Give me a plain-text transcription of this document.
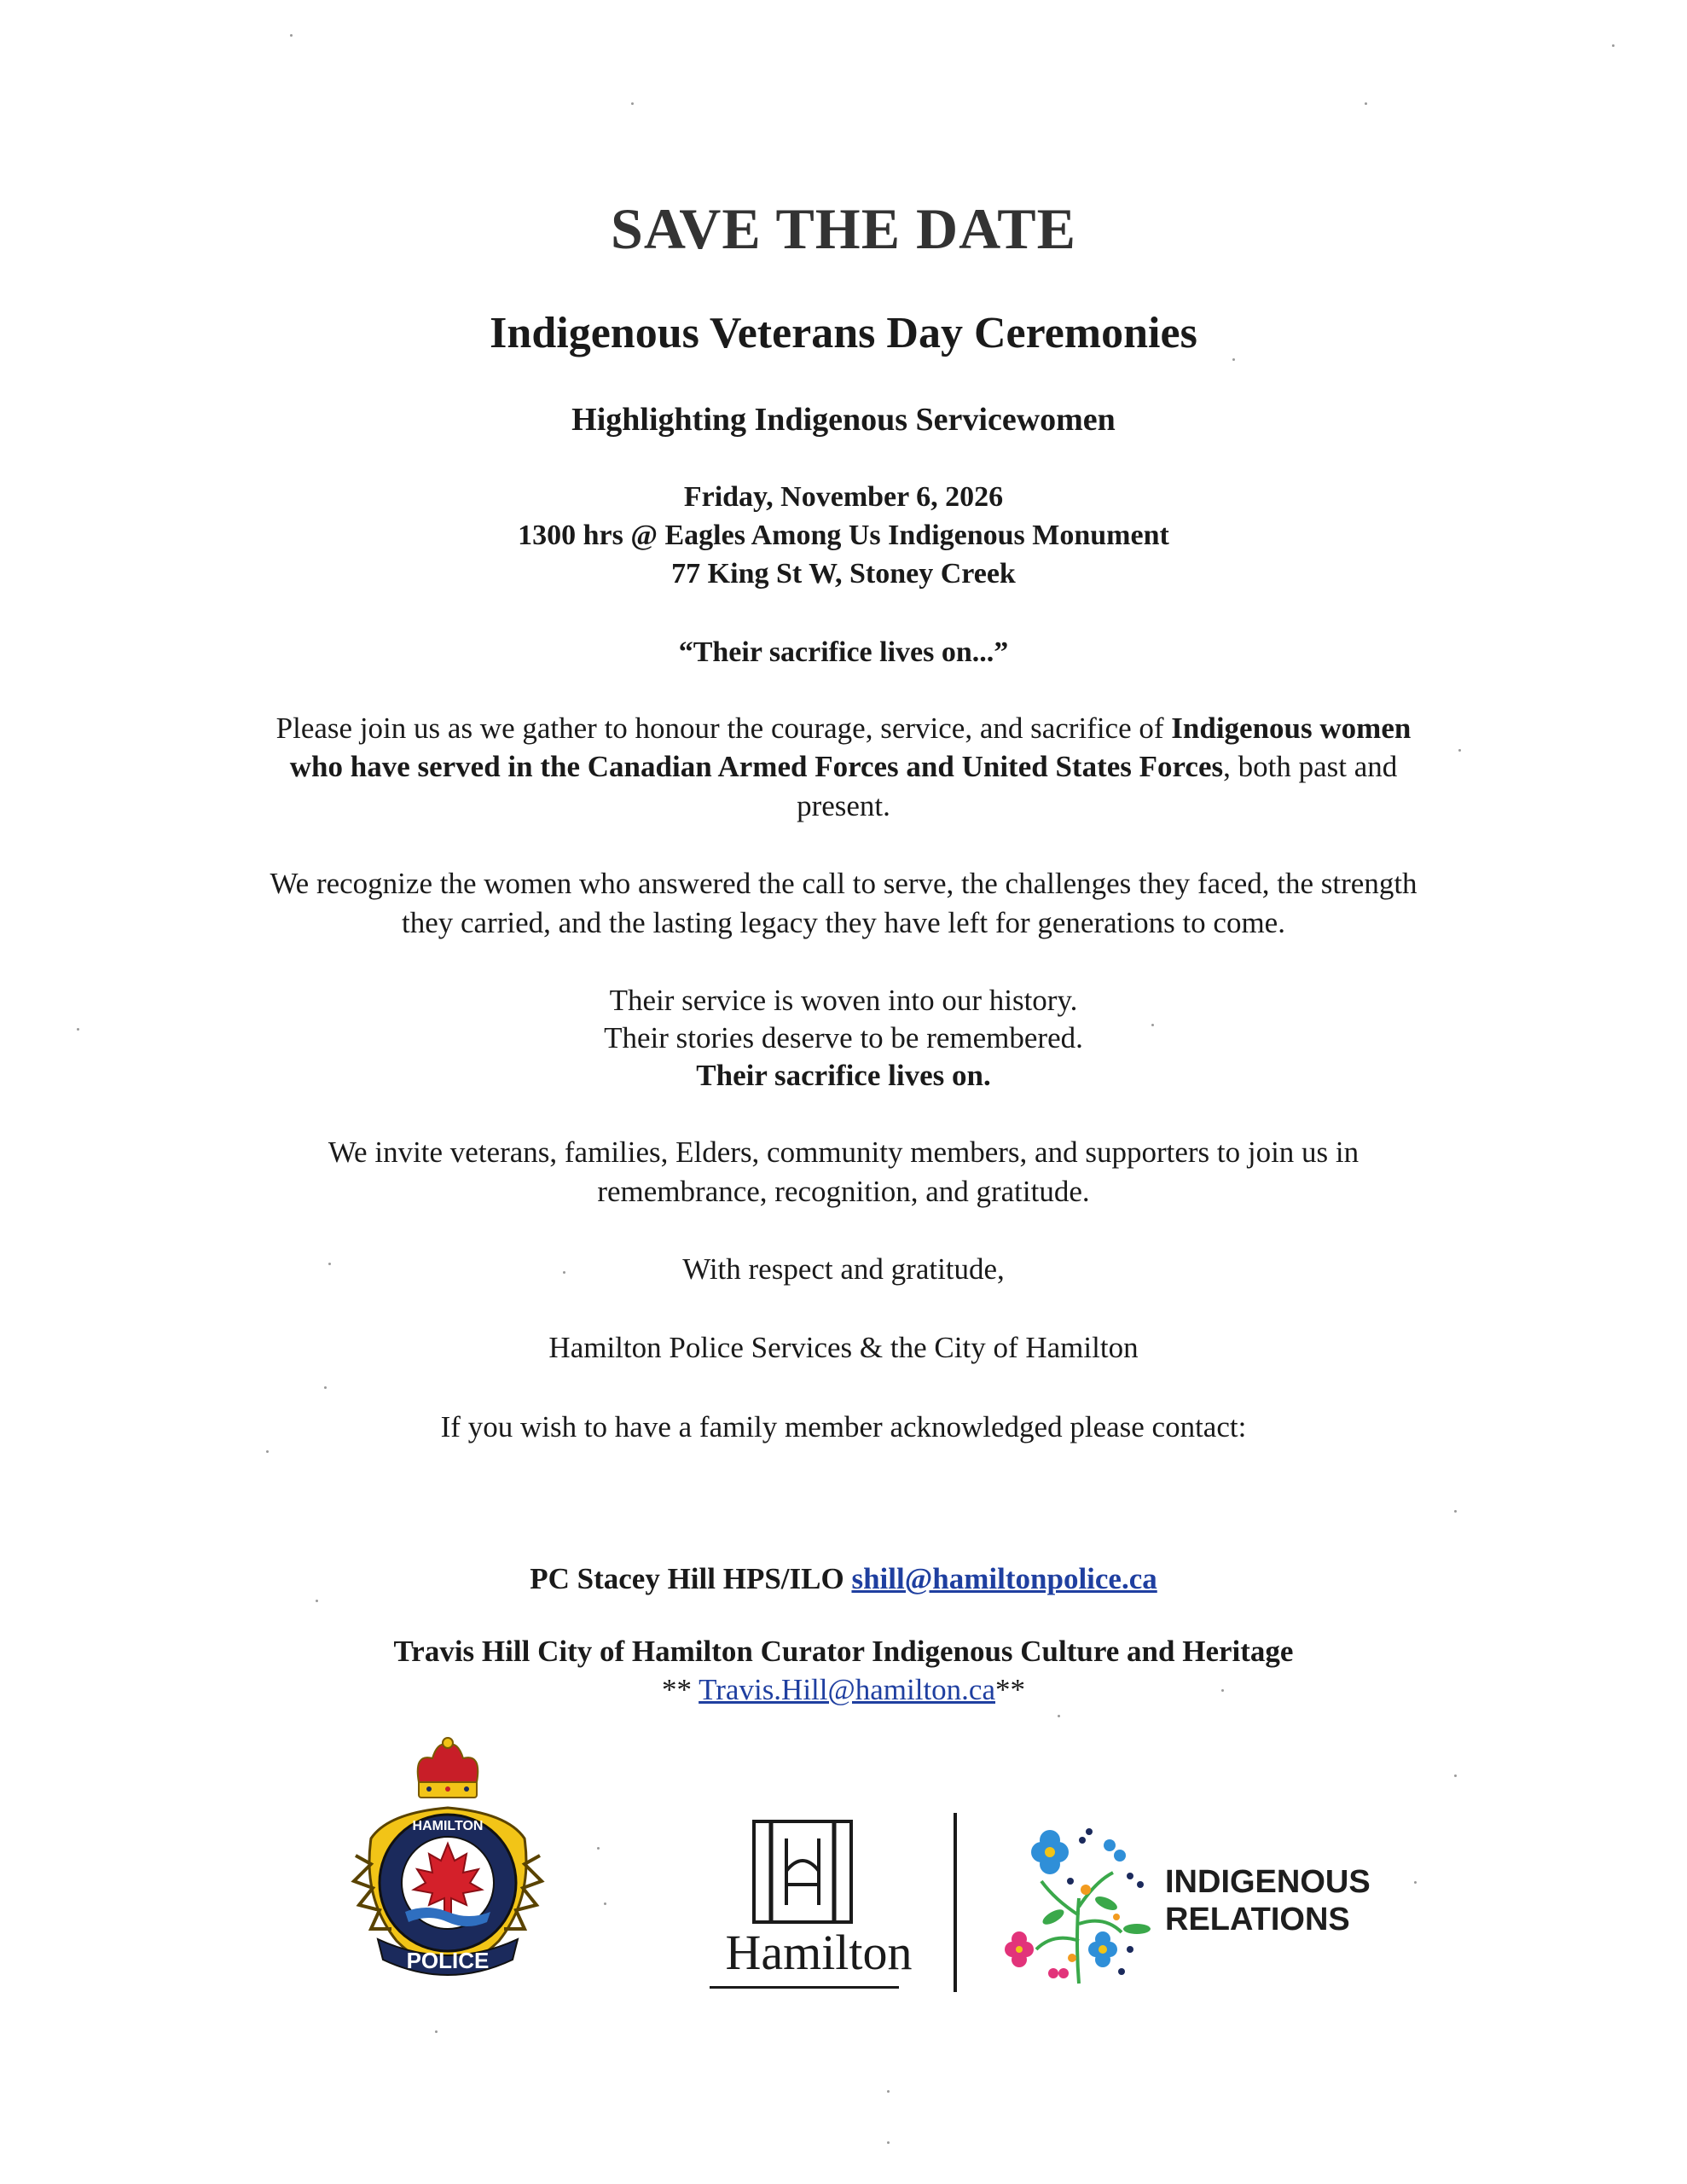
SAVE THE DATE
Indigenous Veterans Day Ceremonies
Highlighting Indigenous Servicewomen
Friday, November 6, 2026
1300 hrs @ Eagles Among Us Indigenous Monument
77 King St W, Stoney Creek
“Their sacrifice lives on...”
Please join us as we gather to honour the courage, service, and sacrifice of Indigenous women
who have served in the Canadian Armed Forces and United States Forces, both past and
present.
We recognize the women who answered the call to serve, the challenges they faced, the strength
they carried, and the lasting legacy they have left for generations to come.
Their service is woven into our history.
Their stories deserve to be remembered.
Their sacrifice lives on.
We invite veterans, families, Elders, community members, and supporters to join us in
remembrance, recognition, and gratitude.
With respect and gratitude,
Hamilton Police Services & the City of Hamilton
If you wish to have a family member acknowledged please contact:
PC Stacey Hill HPS/ILO shill@hamiltonpolice.ca
Travis Hill City of Hamilton Curator Indigenous Culture and Heritage
** Travis.Hill@hamilton.ca**
POLICE
HAMILTON
Hamilton
INDIGENOUS
RELATIONS
